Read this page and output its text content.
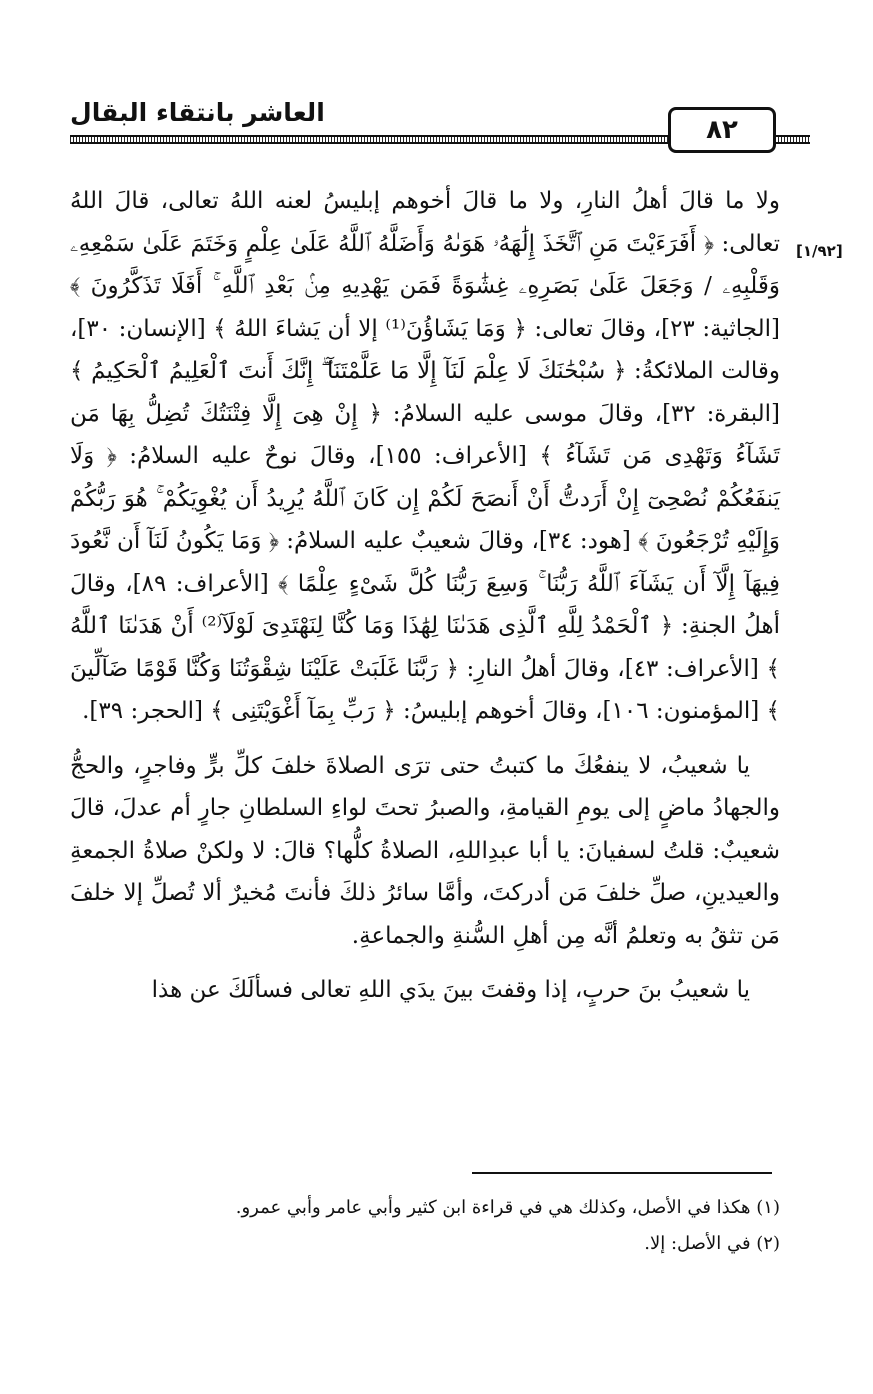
العاشر بانتقاء البقال
٨٢
[١/٩٢]

ولا ما قالَ أهلُ النارِ، ولا ما قالَ أخوهم إبليسُ لعنه اللهُ تعالى، قالَ اللهُ تعالى: ﴿ أَفَرَءَيْتَ مَنِ ٱتَّخَذَ إِلَٰهَهُۥ هَوَىٰهُ وَأَضَلَّهُ ٱللَّهُ عَلَىٰ عِلْمٍ وَخَتَمَ عَلَىٰ سَمْعِهِۦ وَقَلْبِهِۦ / وَجَعَلَ عَلَىٰ بَصَرِهِۦ غِشَٰوَةً فَمَن يَهْدِيهِ مِنۢ بَعْدِ ٱللَّهِ ۚ أَفَلَا تَذَكَّرُونَ ﴾ [الجاثية: ٢٣]، وقالَ تعالى: ﴿ وَمَا يَشَاؤُنَ⁽¹⁾ إلا أن يَشاءَ اللهُ ﴾ [الإنسان: ٣٠]، وقالت الملائكةُ: ﴿ سُبْحَٰنَكَ لَا عِلْمَ لَنَآ إِلَّا مَا عَلَّمْتَنَآ ۖ إِنَّكَ أَنتَ ٱلْعَلِيمُ ٱلْحَكِيمُ ﴾ [البقرة: ٣٢]، وقالَ موسى عليه السلامُ: ﴿ إِنْ هِىَ إِلَّا فِتْنَتُكَ تُضِلُّ بِهَا مَن تَشَآءُ وَتَهْدِى مَن تَشَآءُ ﴾ [الأعراف: ١٥٥]، وقالَ نوحٌ عليه السلامُ: ﴿ وَلَا يَنفَعُكُمْ نُصْحِىٓ إِنْ أَرَدتُّ أَنْ أَنصَحَ لَكُمْ إِن كَانَ ٱللَّهُ يُرِيدُ أَن يُغْوِيَكُمْ ۚ هُوَ رَبُّكُمْ وَإِلَيْهِ تُرْجَعُونَ ﴾ [هود: ٣٤]، وقالَ شعيبٌ عليه السلامُ: ﴿ وَمَا يَكُونُ لَنَآ أَن نَّعُودَ فِيهَآ إِلَّآ أَن يَشَآءَ ٱللَّهُ رَبُّنَا ۚ وَسِعَ رَبُّنَا كُلَّ شَىْءٍ عِلْمًا ﴾ [الأعراف: ٨٩]، وقالَ أهلُ الجنةِ: ﴿ ٱلْحَمْدُ لِلَّهِ ٱلَّذِى هَدَىٰنَا لِهَٰذَا وَمَا كُنَّا لِنَهْتَدِىَ لَوْلَآ⁽²⁾ أَنْ هَدَىٰنَا ٱللَّهُ ﴾ [الأعراف: ٤٣]، وقالَ أهلُ النارِ: ﴿ رَبَّنَا غَلَبَتْ عَلَيْنَا شِقْوَتُنَا وَكُنَّا قَوْمًا ضَآلِّينَ ﴾ [المؤمنون: ١٠٦]، وقالَ أخوهم إبليسُ: ﴿ رَبِّ بِمَآ أَغْوَيْتَنِى ﴾ [الحجر: ٣٩].

يا شعيبُ، لا ينفعُكَ ما كتبتُ حتى ترَى الصلاةَ خلفَ كلِّ برٍّ وفاجرٍ، والحجُّ والجهادُ ماضٍ إلى يومِ القيامةِ، والصبرُ تحتَ لواءِ السلطانِ جارٍ أم عدلَ، قالَ شعيبٌ: قلتُ لسفيانَ: يا أبا عبدِاللهِ، الصلاةُ كلُّها؟ قالَ: لا ولكنْ صلاةُ الجمعةِ والعيدينِ، صلِّ خلفَ مَن أدركتَ، وأمَّا سائرُ ذلكَ فأنتَ مُخيرٌ ألا تُصلِّ إلا خلفَ مَن تثقُ به وتعلمُ أنَّه مِن أهلِ السُّنةِ والجماعةِ.

يا شعيبُ بنَ حربٍ، إذا وقفتَ بينَ يدَي اللهِ تعالى فسألَكَ عن هذا

(١) هكذا في الأصل، وكذلك هي في قراءة ابن كثير وأبي عامر وأبي عمرو.

(٢) في الأصل: إلا.
